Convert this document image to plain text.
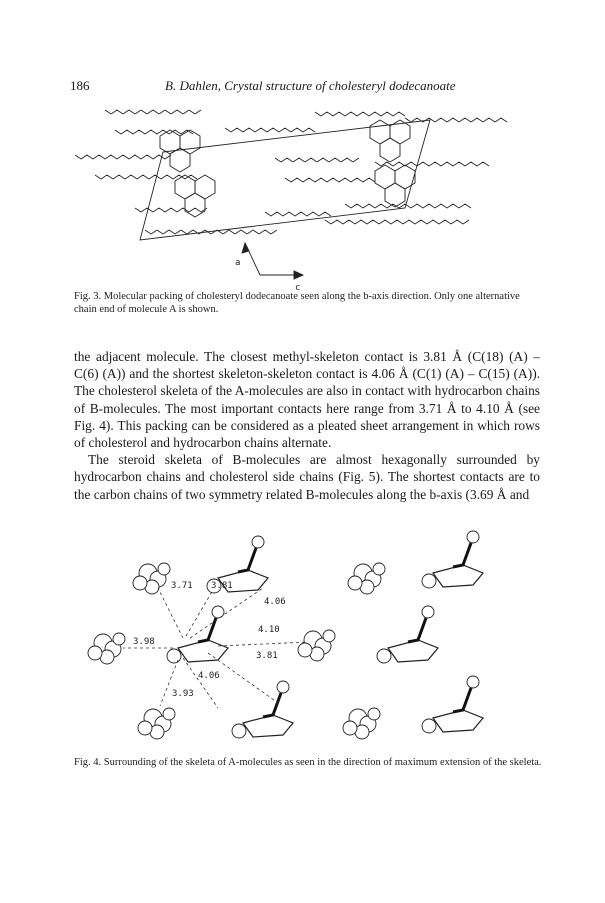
186	B. Dahlen, Crystal structure of cholesteryl dodecanoate
a
c
Fig. 3. Molecular packing of cholesteryl dodecanoate seen along the b-axis direction. Only one alternative chain end of molecule A is shown.

the adjacent molecule. The closest methyl-skeleton contact is 3.81 Å (C(18) (A) – C(6) (A)) and the shortest skeleton-skeleton contact is 4.06 Å (C(1) (A) – C(15) (A)). The cholesterol skeleta of the A-molecules are also in contact with hydrocarbon chains of B-molecules. The most important contacts here range from 3.71 Å to 4.10 Å (see Fig. 4). This packing can be considered as a pleated sheet arrangement in which rows of cholesterol and hydrocarbon chains alternate.

The steroid skeleta of B-molecules are almost hexagonally surrounded by hydrocarbon chains and cholesterol side chains (Fig. 5). The shortest contacts are to the carbon chains of two symmetry related B-molecules along the b-axis (3.69 Å and

3.71 3.81
4.06
3.98
4.10
3.81
4.06
3.93
Fig. 4. Surrounding of the skeleta of A-molecules as seen in the direction of maximum extension of the skeleta.
